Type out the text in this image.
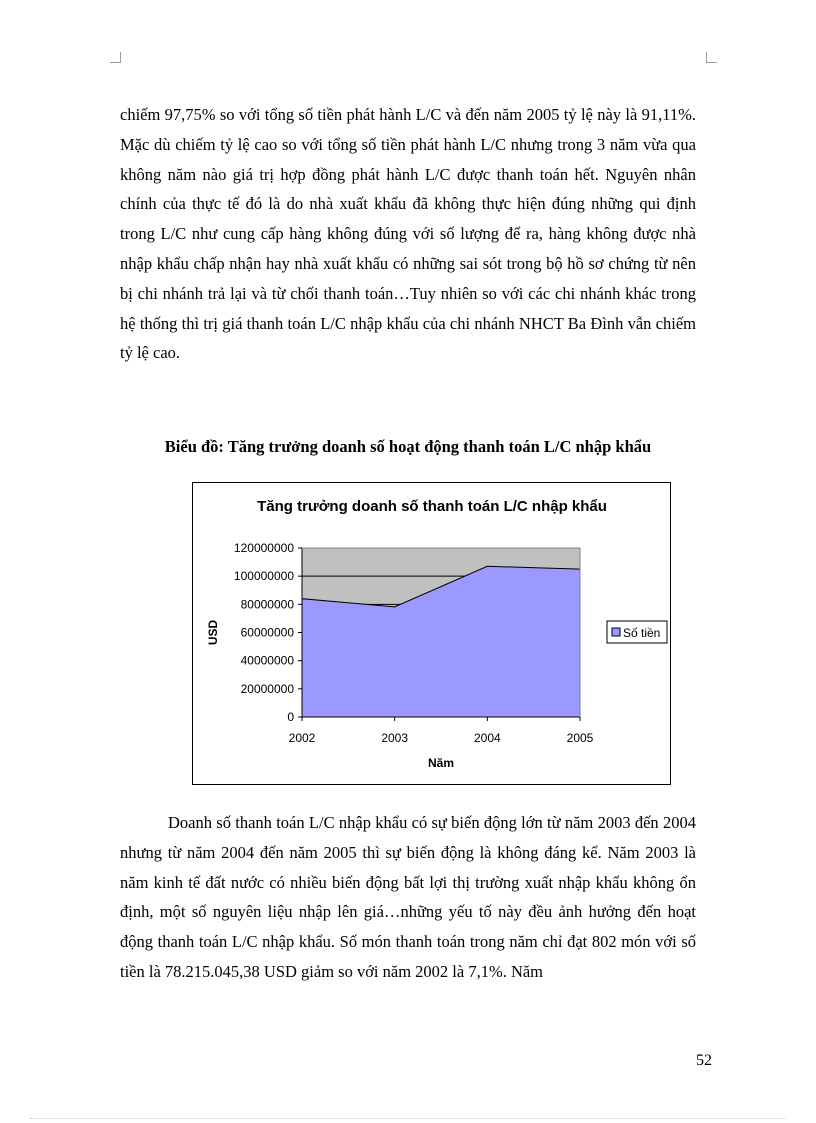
chiếm 97,75% so với tổng số tiền phát hành L/C và đến năm 2005 tỷ lệ này là 91,11%. Mặc dù chiếm tỷ lệ cao so với tổng số tiền phát hành L/C nhưng trong 3 năm vừa qua không năm nào giá trị hợp đồng phát hành L/C được thanh toán hết. Nguyên nhân chính của thực tế đó là do nhà xuất khẩu đã không thực hiện đúng những qui định trong L/C như cung cấp hàng không đúng với số lượng để ra, hàng không được nhà nhập khẩu chấp nhận hay nhà xuất khẩu có những sai sót trong bộ hồ sơ chứng từ nên bị chi nhánh trả lại và từ chối thanh toán…Tuy nhiên so với các chi nhánh khác trong hệ thống thì trị giá thanh toán L/C nhập khẩu của chi nhánh NHCT Ba Đình vẫn chiếm tỷ lệ cao.

Biểu đồ: Tăng trưởng doanh số hoạt động thanh toán L/C nhập khẩu

Tăng trưởng doanh số thanh toán L/C nhập khẩu
0
20000000
40000000
60000000
80000000
100000000
120000000
2002	2003	2004	2005
Năm
USD	Số tiền

Doanh số thanh toán L/C nhập khẩu có sự biến động lớn từ năm 2003 đến 2004 nhưng từ năm 2004 đến năm 2005 thì sự biến động là không đáng kể. Năm 2003 là năm kinh tế đất nước có nhiều biến động bất lợi thị trường xuất nhập khẩu không ổn định, một số nguyên liệu nhập lên giá…những yếu tố này đều ảnh hưởng đến hoạt động thanh toán L/C nhập khẩu. Số món thanh toán trong năm chỉ đạt 802 món với số tiền là 78.215.045,38 USD giảm so với năm 2002 là 7,1%. Năm

52
